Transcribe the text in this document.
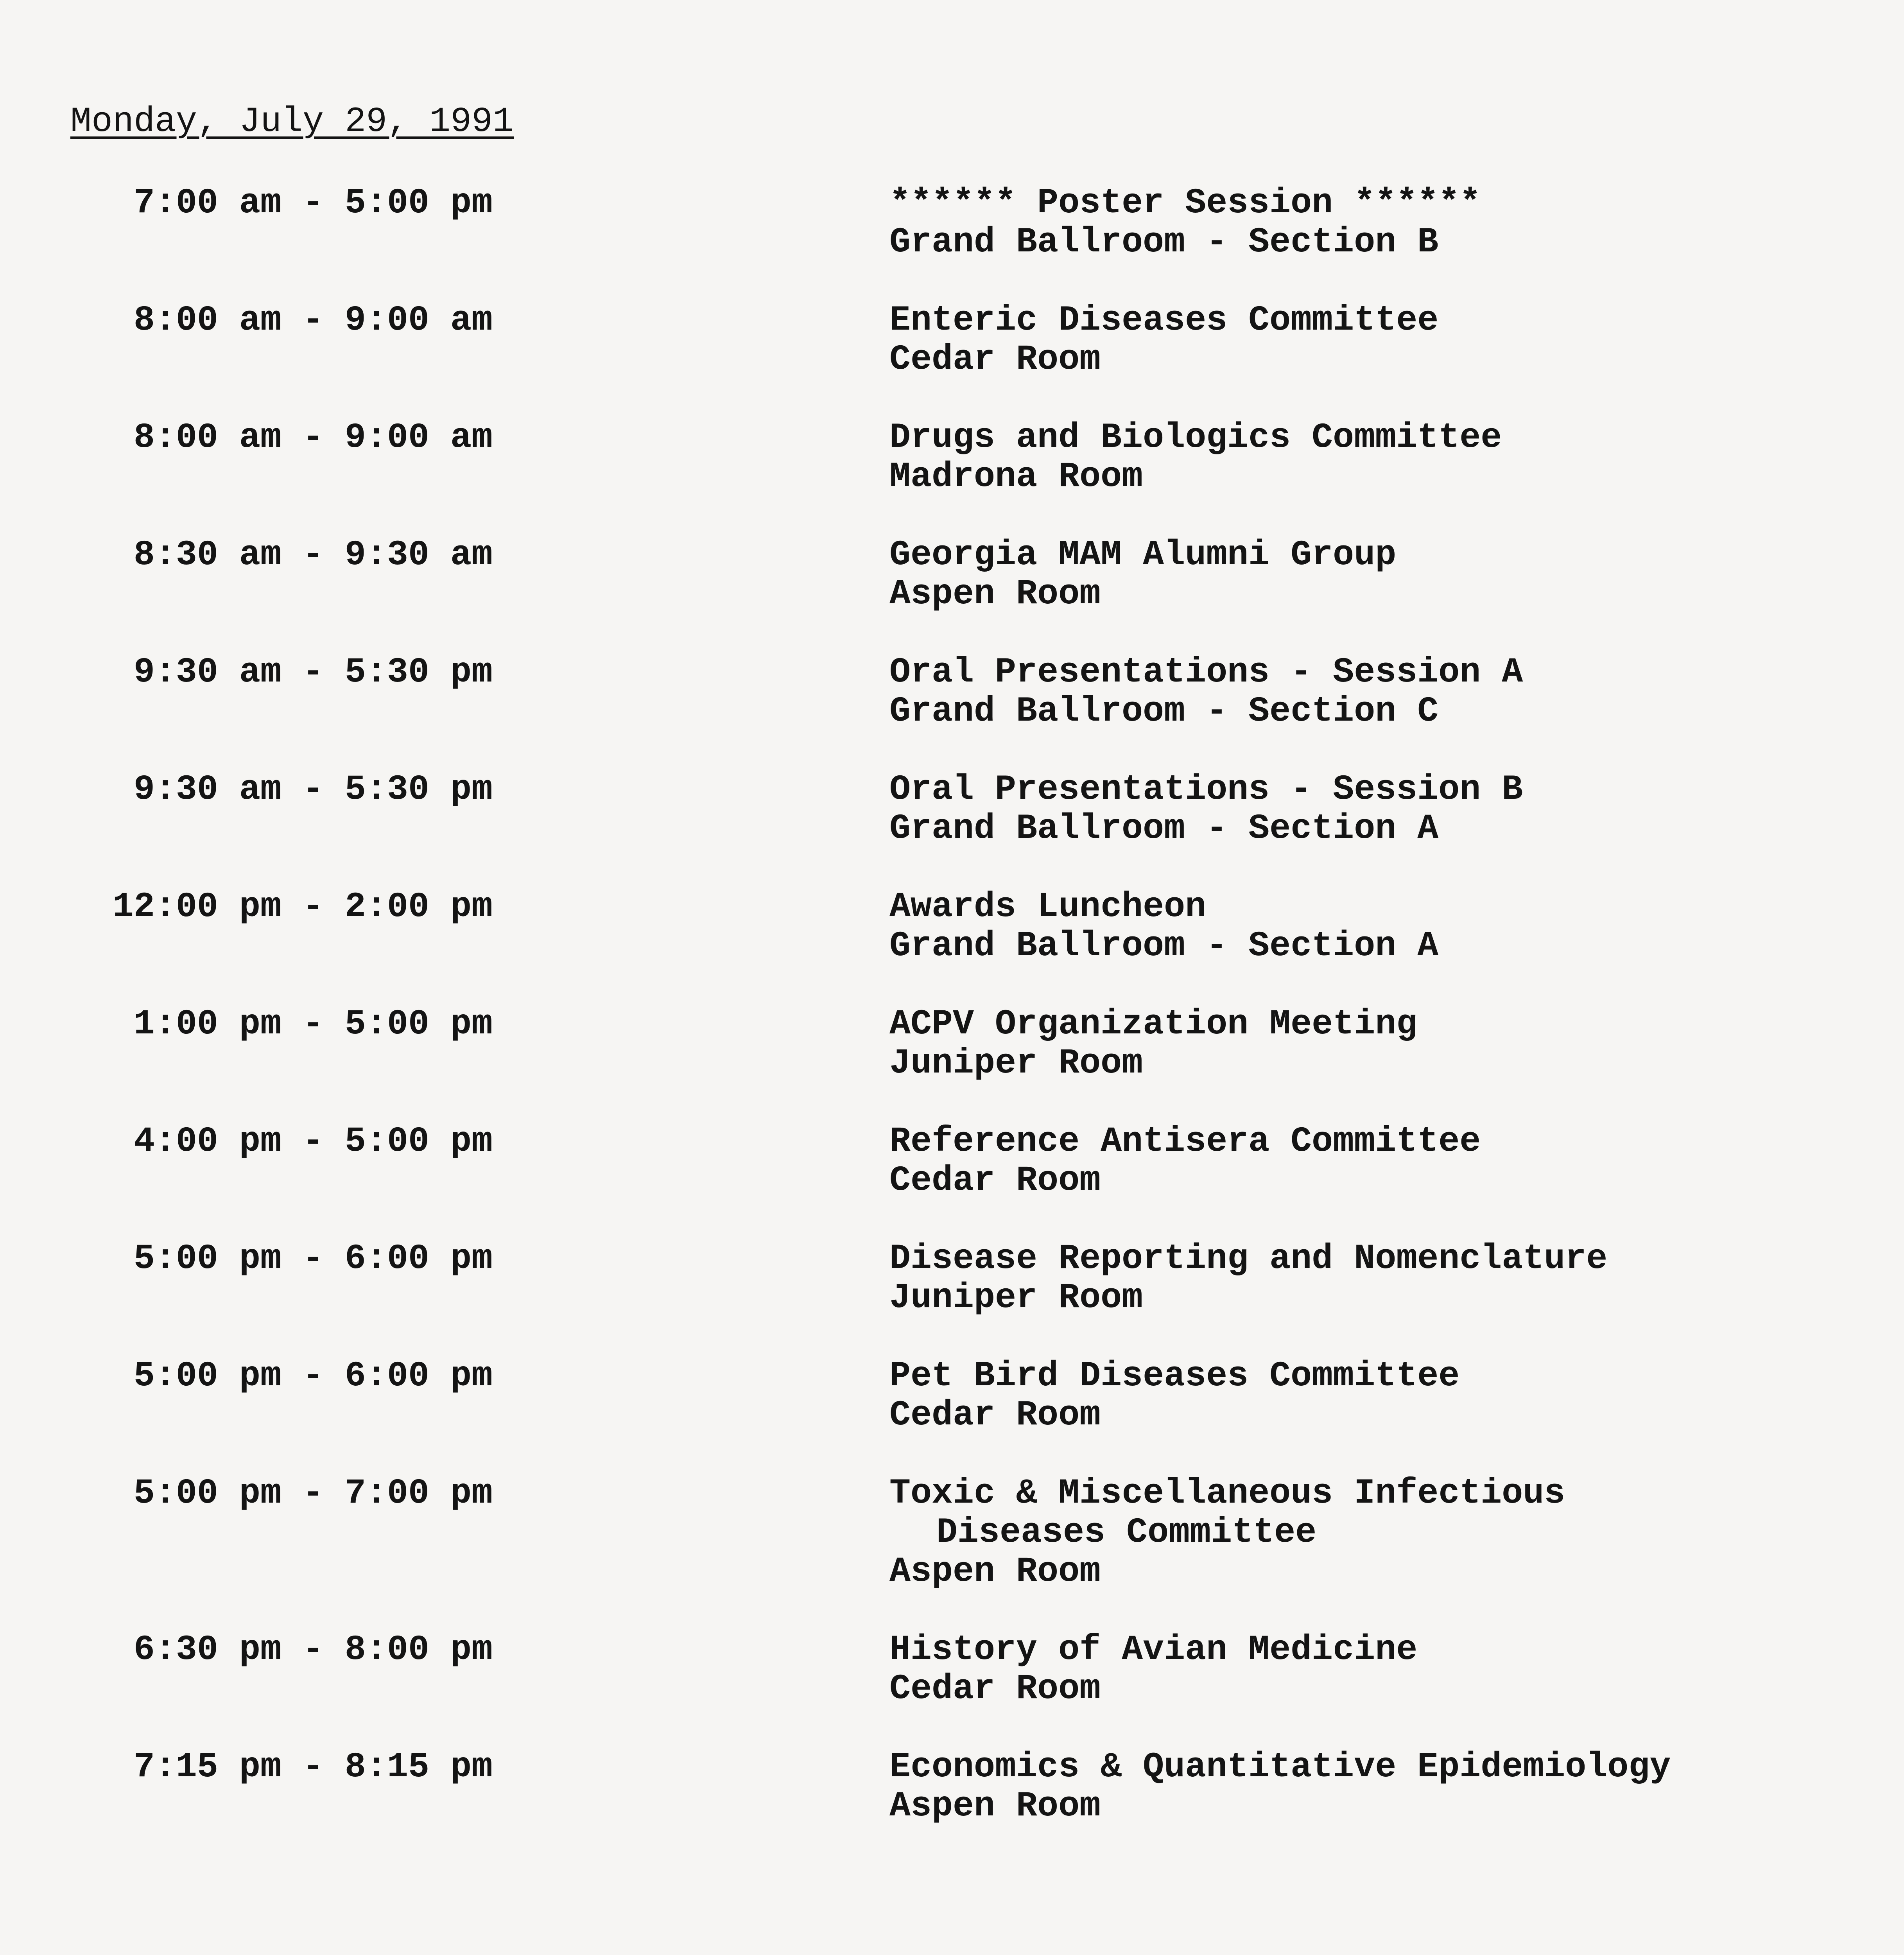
Monday, July 29, 1991
7:00 am - 5:00 pm	****** Poster Session ******
Grand Ballroom - Section B
8:00 am - 9:00 am	Enteric Diseases Committee
Cedar Room
8:00 am - 9:00 am	Drugs and Biologics Committee
Madrona Room
8:30 am - 9:30 am	Georgia MAM Alumni Group
Aspen Room
9:30 am - 5:30 pm	Oral Presentations - Session A
Grand Ballroom - Section C
9:30 am - 5:30 pm	Oral Presentations - Session B
Grand Ballroom - Section A
12:00 pm - 2:00 pm	Awards Luncheon
Grand Ballroom - Section A
1:00 pm - 5:00 pm	ACPV Organization Meeting
Juniper Room
4:00 pm - 5:00 pm	Reference Antisera Committee
Cedar Room
5:00 pm - 6:00 pm	Disease Reporting and Nomenclature
Juniper Room
5:00 pm - 6:00 pm	Pet Bird Diseases Committee
Cedar Room
5:00 pm - 7:00 pm	Toxic & Miscellaneous Infectious
Diseases Committee
Aspen Room
6:30 pm - 8:00 pm	History of Avian Medicine
Cedar Room
7:15 pm - 8:15 pm	Economics & Quantitative Epidemiology
Aspen Room
